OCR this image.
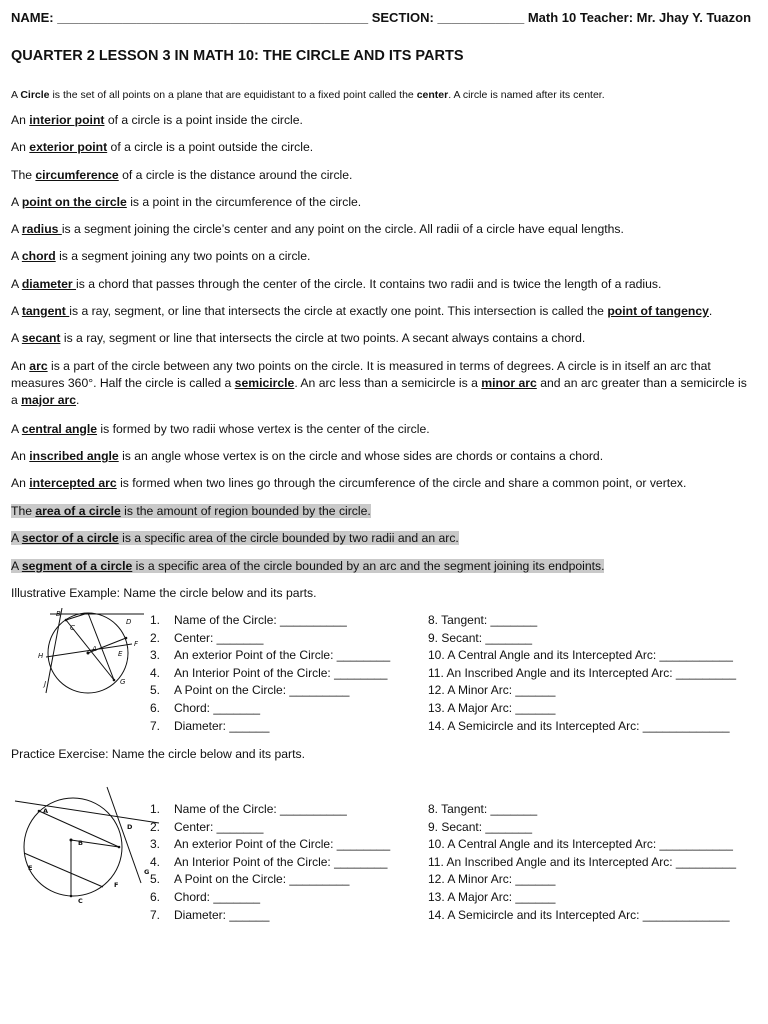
NAME: ___________________________________________ SECTION: ____________ Math 10 Teacher: Mr. Jhay Y. Tuazon
QUARTER 2 LESSON 3 IN MATH 10: THE CIRCLE AND ITS PARTS
A Circle is the set of all points on a plane that are equidistant to a fixed point called the center. A circle is named after its center.
An interior point of a circle is a point inside the circle.
An exterior point of a circle is a point outside the circle.
The circumference of a circle is the distance around the circle.
A point on the circle is a point in the circumference of the circle.
A radius is a segment joining the circle’s center and any point on the circle. All radii of a circle have equal lengths.
A chord is a segment joining any two points on a circle.
A diameter is a chord that passes through the center of the circle. It contains two radii and is twice the length of a radius.
A tangent is a ray, segment, or line that intersects the circle at exactly one point. This intersection is called the point of tangency.
A secant is a ray, segment or line that intersects the circle at two points. A secant always contains a chord.
An arc is a part of the circle between any two points on the circle. It is measured in terms of degrees. A circle is in itself an arc that measures 360°. Half the circle is called a semicircle. An arc less than a semicircle is a minor arc and an arc greater than a semicircle is a major arc.
A central angle is formed by two radii whose vertex is the center of the circle.
An inscribed angle is an angle whose vertex is on the circle and whose sides are chords or contains a chord.
An intercepted arc is formed when two lines go through the circumference of the circle and share a common point, or vertex.
The area of a circle is the amount of region bounded by the circle.
A sector of a circle is a specific area of the circle bounded by two radii and an arc.
A segment of a circle is a specific area of the circle bounded by an arc and the segment joining its endpoints.
Illustrative Example: Name the circle below and its parts.
B
D
C
A
F
H	E
G
J
1. Name of the Circle: __________
2. Center: _______
3. An exterior Point of the Circle: ________
4. An Interior Point of the Circle: ________
5. A Point on the Circle: _________
6. Chord: _______
7. Diameter: ______
8. Tangent: _______
9. Secant: _______
10. A Central Angle and its Intercepted Arc: ___________
11. An Inscribed Angle and its Intercepted Arc: _________
12. A Minor Arc: ______
13. A Major Arc: ______
14. A Semicircle and its Intercepted Arc: _____________
Practice Exercise: Name the circle below and its parts.
A
D
B
E	G
F
C
1. Name of the Circle: __________
2. Center: _______
3. An exterior Point of the Circle: ________
4. An Interior Point of the Circle: ________
5. A Point on the Circle: _________
6. Chord: _______
7. Diameter: ______
8. Tangent: _______
9. Secant: _______
10. A Central Angle and its Intercepted Arc: ___________
11. An Inscribed Angle and its Intercepted Arc: _________
12. A Minor Arc: ______
13. A Major Arc: ______
14. A Semicircle and its Intercepted Arc: _____________
